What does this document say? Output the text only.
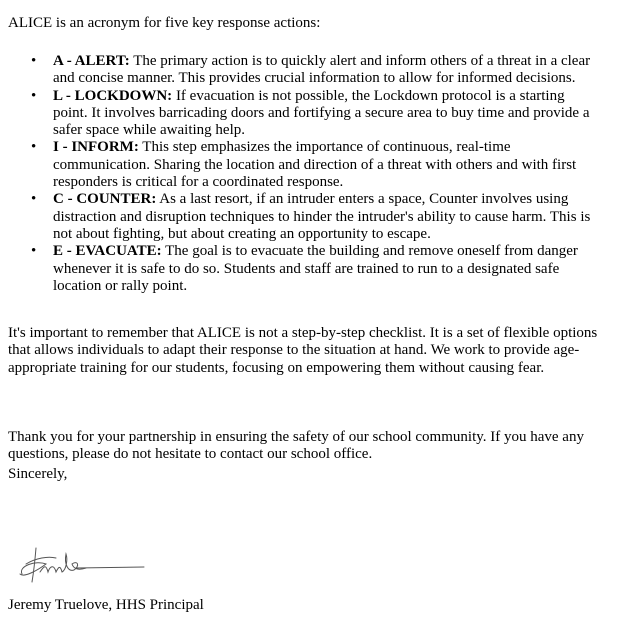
ALICE is an acronym for five key response actions:

• A - ALERT: The primary action is to quickly alert and inform others of a threat in a clear and concise manner. This provides crucial information to allow for informed decisions.
• L - LOCKDOWN: If evacuation is not possible, the Lockdown protocol is a starting point. It involves barricading doors and fortifying a secure area to buy time and provide a safer space while awaiting help.
• I - INFORM: This step emphasizes the importance of continuous, real-time communication. Sharing the location and direction of a threat with others and with first responders is critical for a coordinated response.
• C - COUNTER: As a last resort, if an intruder enters a space, Counter involves using distraction and disruption techniques to hinder the intruder's ability to cause harm. This is not about fighting, but about creating an opportunity to escape.
• E - EVACUATE: The goal is to evacuate the building and remove oneself from danger whenever it is safe to do so. Students and staff are trained to run to a designated safe location or rally point.

It's important to remember that ALICE is not a step-by-step checklist. It is a set of flexible options that allows individuals to adapt their response to the situation at hand. We work to provide age-appropriate training for our students, focusing on empowering them without causing fear.

Thank you for your partnership in ensuring the safety of our school community. If you have any questions, please do not hesitate to contact our school office.

Sincerely,

Jeremy Truelove, HHS Principal
